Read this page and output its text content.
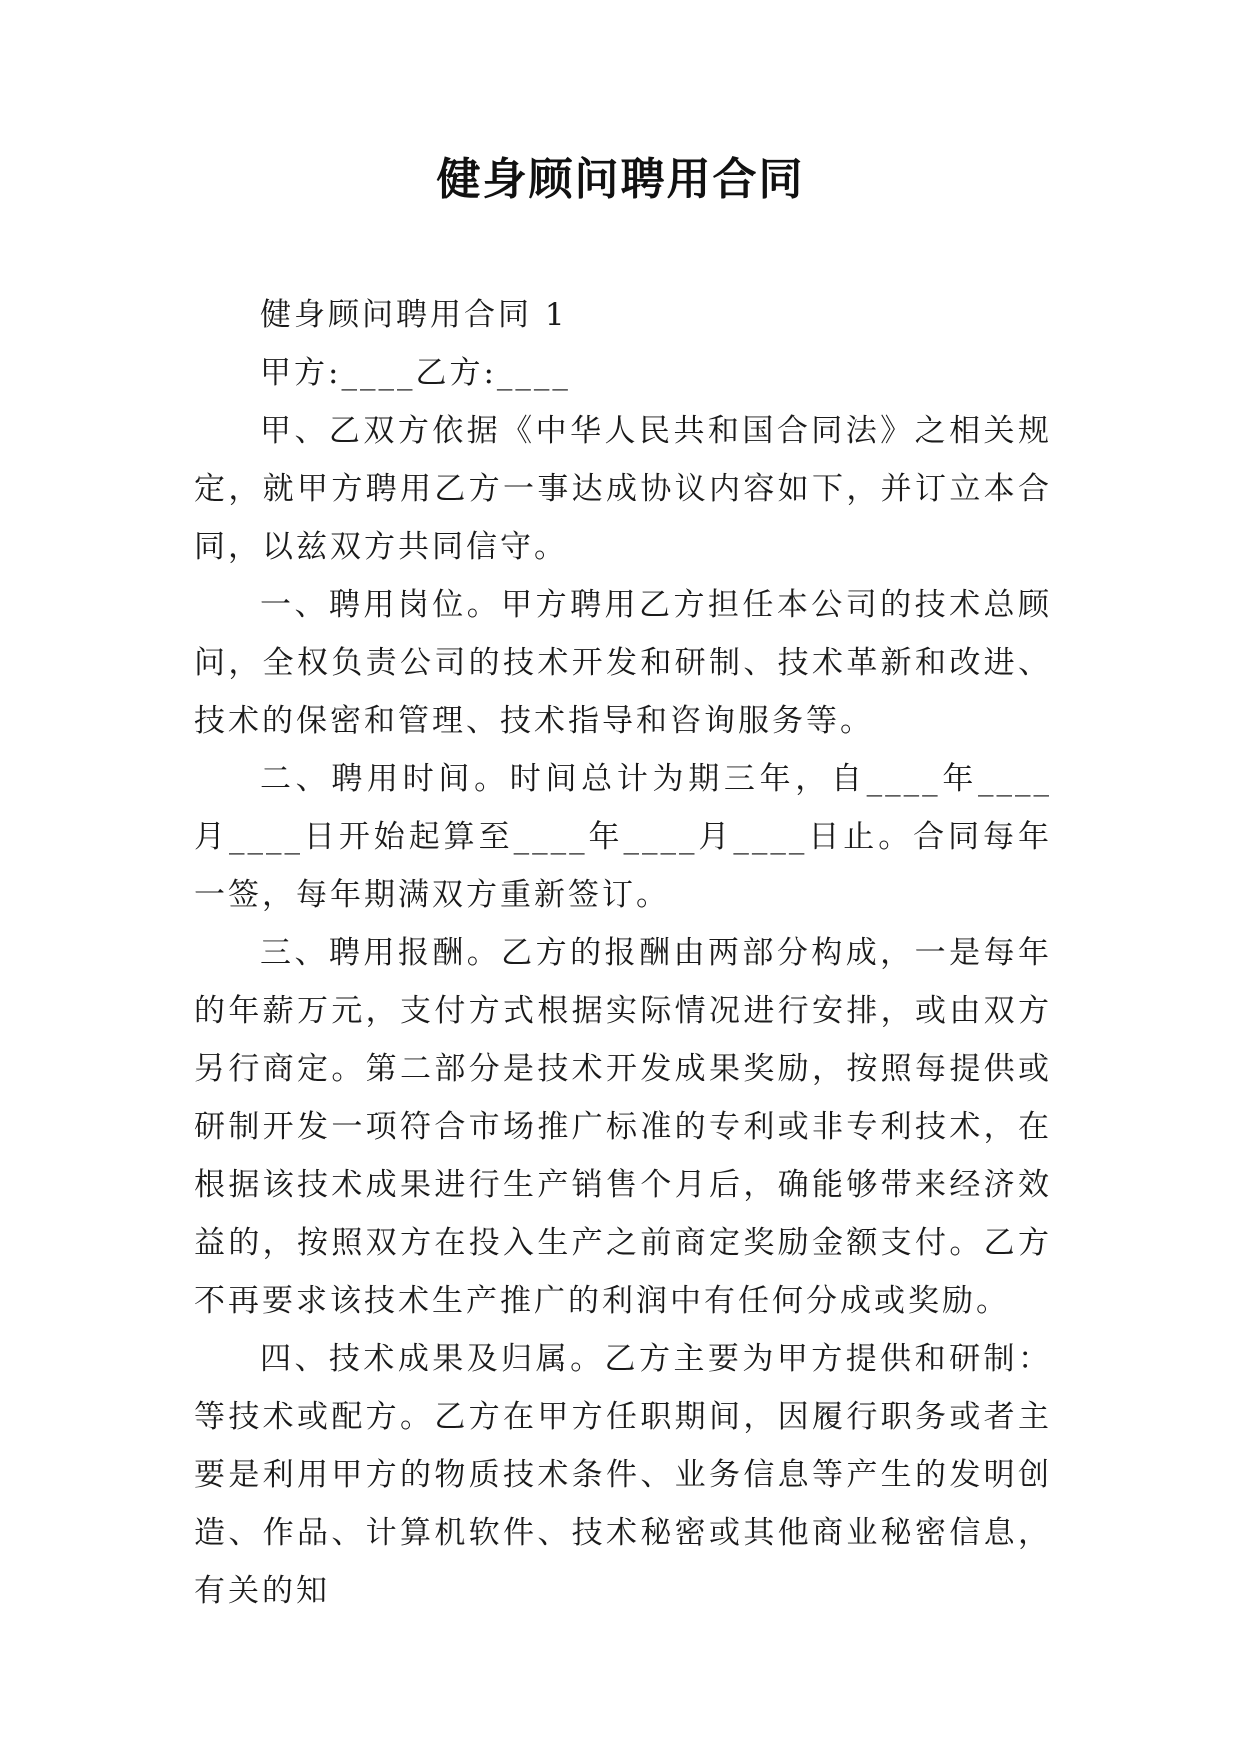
健身顾问聘用合同

健身顾问聘用合同 1

甲方:____乙方:____

甲、乙双方依据《中华人民共和国合同法》之相关规定，就甲方聘用乙方一事达成协议内容如下，并订立本合同，以兹双方共同信守。

一、聘用岗位。甲方聘用乙方担任本公司的技术总顾问，全权负责公司的技术开发和研制、技术革新和改进、技术的保密和管理、技术指导和咨询服务等。

二、聘用时间。时间总计为期三年，自____年____月____日开始起算至____年____月____日止。合同每年一签，每年期满双方重新签订。

三、聘用报酬。乙方的报酬由两部分构成，一是每年的年薪万元，支付方式根据实际情况进行安排，或由双方另行商定。第二部分是技术开发成果奖励，按照每提供或研制开发一项符合市场推广标准的专利或非专利技术，在根据该技术成果进行生产销售个月后，确能够带来经济效益的，按照双方在投入生产之前商定奖励金额支付。乙方不再要求该技术生产推广的利润中有任何分成或奖励。

四、技术成果及归属。乙方主要为甲方提供和研制：等技术或配方。乙方在甲方任职期间，因履行职务或者主要是利用甲方的物质技术条件、业务信息等产生的发明创造、作品、计算机软件、技术秘密或其他商业秘密信息，有关的知
